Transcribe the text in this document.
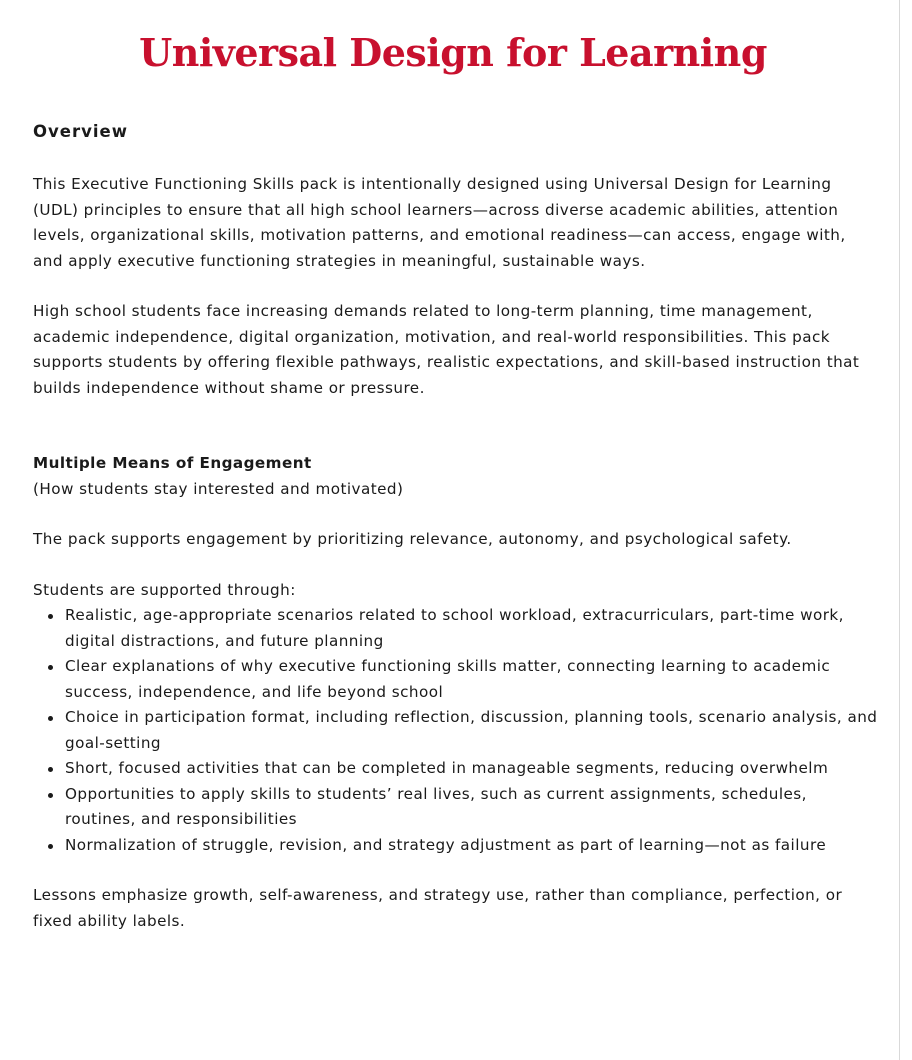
Universal Design for Learning
Overview

This Executive Functioning Skills pack is intentionally designed using Universal Design for Learning (UDL) principles to ensure that all high school learners—across diverse academic abilities, attention levels, organizational skills, motivation patterns, and emotional readiness—can access, engage with, and apply executive functioning strategies in meaningful, sustainable ways.

High school students face increasing demands related to long-term planning, time management, academic independence, digital organization, motivation, and real-world responsibilities. This pack supports students by offering flexible pathways, realistic expectations, and skill-based instruction that builds independence without shame or pressure.

Multiple Means of Engagement

(How students stay interested and motivated)

The pack supports engagement by prioritizing relevance, autonomy, and psychological safety.

Students are supported through:

Realistic, age-appropriate scenarios related to school workload, extracurriculars, part-time work, digital distractions, and future planning
Clear explanations of why executive functioning skills matter, connecting learning to academic success, independence, and life beyond school
Choice in participation format, including reflection, discussion, planning tools, scenario analysis, and goal-setting
Short, focused activities that can be completed in manageable segments, reducing overwhelm
Opportunities to apply skills to students’ real lives, such as current assignments, schedules, routines, and responsibilities
Normalization of struggle, revision, and strategy adjustment as part of learning—not as failure

Lessons emphasize growth, self-awareness, and strategy use, rather than compliance, perfection, or fixed ability labels.
